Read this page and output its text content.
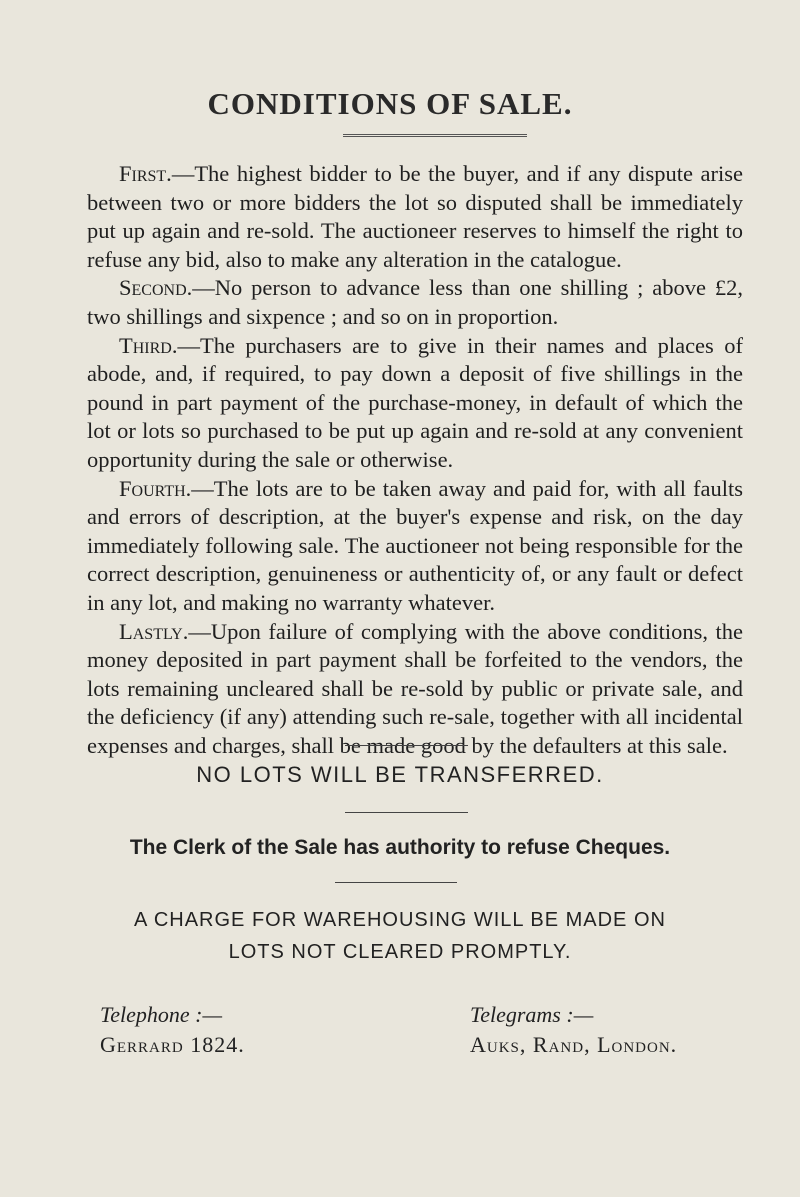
CONDITIONS OF SALE.

First.—The highest bidder to be the buyer, and if any dispute arise between two or more bidders the lot so disputed shall be immediately put up again and re-sold. The auctioneer reserves to himself the right to refuse any bid, also to make any alteration in the catalogue.

Second.—No person to advance less than one shilling ; above £2, two shillings and sixpence ; and so on in proportion.

Third.—The purchasers are to give in their names and places of abode, and, if required, to pay down a deposit of five shillings in the pound in part payment of the purchase-money, in default of which the lot or lots so purchased to be put up again and re-sold at any convenient opportunity during the sale or otherwise.

Fourth.—The lots are to be taken away and paid for, with all faults and errors of description, at the buyer's expense and risk, on the day immediately following sale. The auctioneer not being responsible for the correct description, genuineness or authenticity of, or any fault or defect in any lot, and making no warranty whatever.

Lastly.—Upon failure of complying with the above conditions, the money deposited in part payment shall be forfeited to the vendors, the lots remaining uncleared shall be re-sold by public or private sale, and the deficiency (if any) attending such re-sale, together with all incidental expenses and charges, shall be made good by the defaulters at this sale.

NO LOTS WILL BE TRANSFERRED.
The Clerk of the Sale has authority to refuse Cheques.
A CHARGE FOR WAREHOUSING WILL BE MADE ON
LOTS NOT CLEARED PROMPTLY.
Telephone :—
Gerrard 1824.
Telegrams :—
Auks, Rand, London.
